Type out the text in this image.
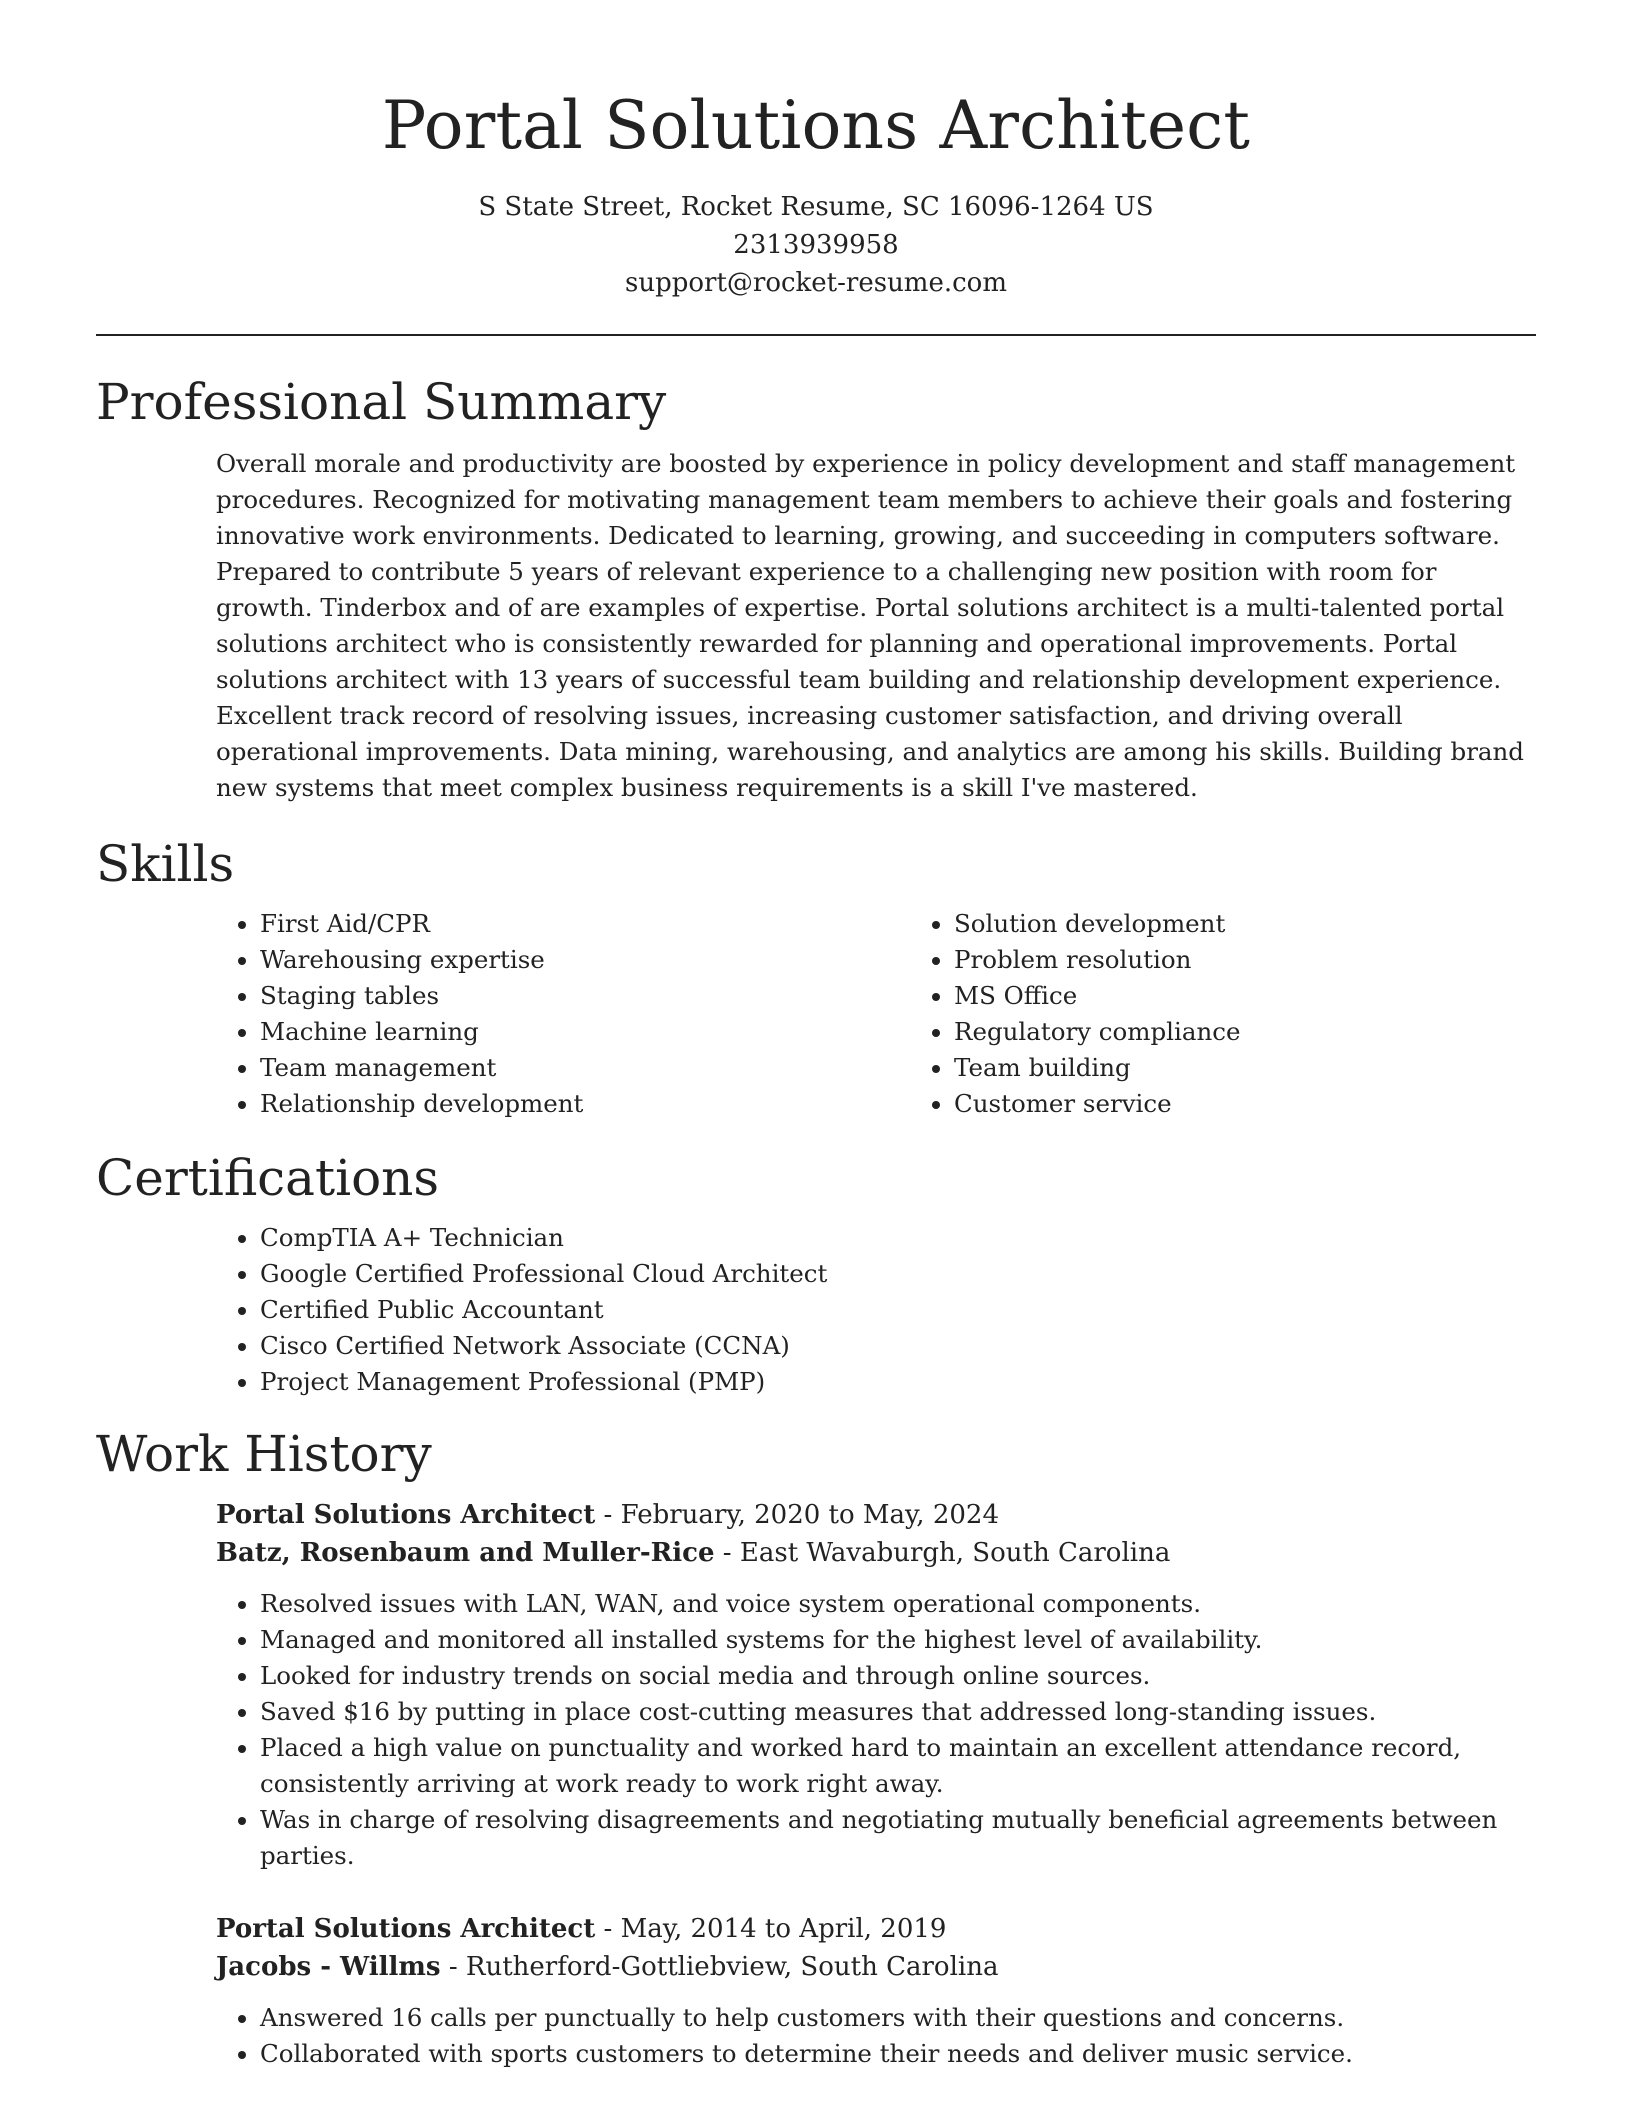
Portal Solutions Architect
S State Street, Rocket Resume, SC 16096-1264 US
2313939958
support@rocket-resume.com
Professional Summary

Overall morale and productivity are boosted by experience in policy development and staff management procedures. Recognized for motivating management team members to achieve their goals and fostering innovative work environments. Dedicated to learning, growing, and succeeding in computers software. Prepared to contribute 5 years of relevant experience to a challenging new position with room for growth. Tinderbox and of are examples of expertise. Portal solutions architect is a multi-talented portal solutions architect who is consistently rewarded for planning and operational improvements. Portal solutions architect with 13 years of successful team building and relationship development experience. Excellent track record of resolving issues, increasing customer satisfaction, and driving overall operational improvements. Data mining, warehousing, and analytics are among his skills. Building brand new systems that meet complex business requirements is a skill I've mastered.

Skills
• First Aid/CPR
• Warehousing expertise
• Staging tables
• Machine learning
• Team management
• Relationship development
• Solution development
• Problem resolution
• MS Office
• Regulatory compliance
• Team building
• Customer service
Certifications
• CompTIA A+ Technician
• Google Certified Professional Cloud Architect
• Certified Public Accountant
• Cisco Certified Network Associate (CCNA)
• Project Management Professional (PMP)
Work History
Portal Solutions Architect - February, 2020 to May, 2024
Batz, Rosenbaum and Muller-Rice - East Wavaburgh, South Carolina
• Resolved issues with LAN, WAN, and voice system operational components.
• Managed and monitored all installed systems for the highest level of availability.
• Looked for industry trends on social media and through online sources.
• Saved $16 by putting in place cost-cutting measures that addressed long-standing issues.
• Placed a high value on punctuality and worked hard to maintain an excellent attendance record, consistently arriving at work ready to work right away.
• Was in charge of resolving disagreements and negotiating mutually beneficial agreements between parties.
Portal Solutions Architect - May, 2014 to April, 2019
Jacobs - Willms - Rutherford-Gottliebview, South Carolina
• Answered 16 calls per punctually to help customers with their questions and concerns.
• Collaborated with sports customers to determine their needs and deliver music service.
